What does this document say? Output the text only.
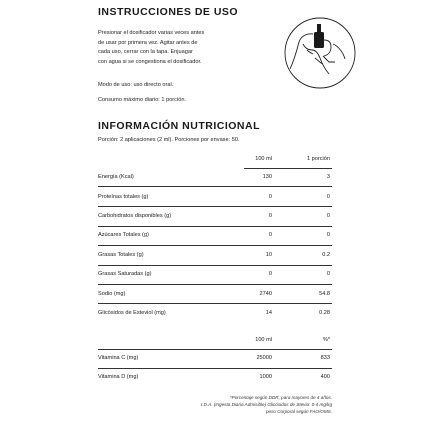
INSTRUCCIONES DE USO
Presionar el dosificador varias veces antes
de usar por primera vez. Agitar antes de
cada uso, cerrar con la tapa. Enjuagar
con agua si se congestiona el dosificador.
Modo de uso: uso directo oral.
Consumo máximo diario: 1 porción.
INFORMACIÓN NUTRICIONAL
Porción: 2 aplicaciones (2 ml). Porciones por envase: 50.
100 ml	1 porción
Energía (Kcal)	130	3
Proteínas totales (g)	0	0
Carbohidratos disponibles (g)	0	0
Azúcares Totales (g)	0	0
Grasas Totales (g)	10	0.2
Grasas Saturadas (g)	0	0
Sodio (mg)	2740	54.8
Glicósidos de Esteviol (mg)	14	0.28
100 ml	%*
Vitamina C (mg)	25000	833
Vitamina D (mg)	1000	400
*Porcentaje según DDR, para mayores de 4 años.
I.D.A. (Ingesta Diaria Admisible) Glicósidos de Stevia: 0-4 mg/kg
peso Corporal según FAO/OMS.
